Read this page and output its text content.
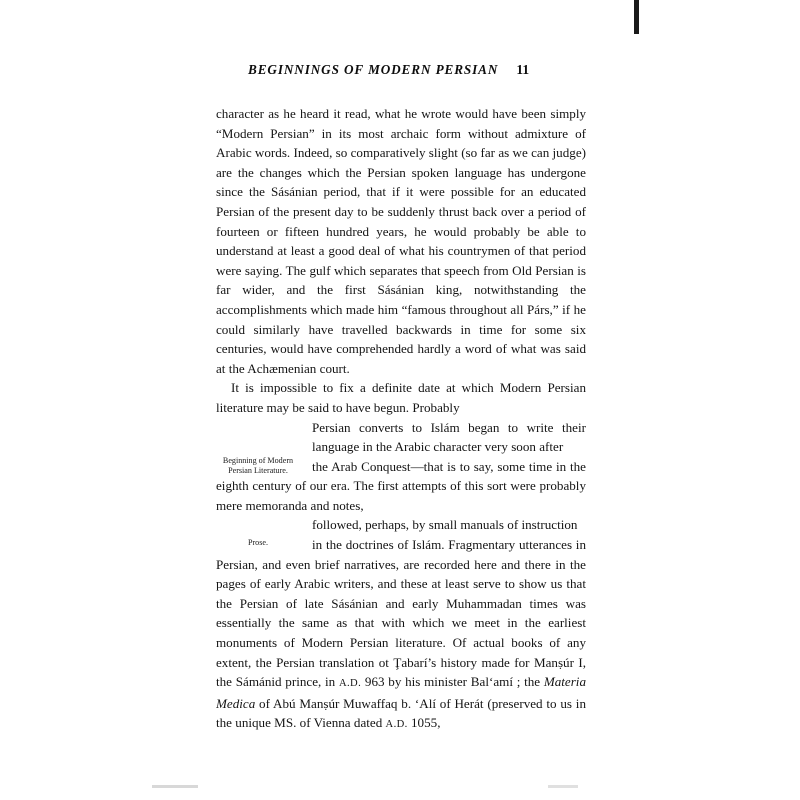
BEGINNINGS OF MODERN PERSIAN 11

character as he heard it read, what he wrote would have been simply “Modern Persian” in its most archaic form without admixture of Arabic words. Indeed, so comparatively slight (so far as we can judge) are the changes which the Persian spoken language has undergone since the Sásánian period, that if it were possible for an educated Persian of the present day to be suddenly thrust back over a period of fourteen or fifteen hundred years, he would probably be able to understand at least a good deal of what his countrymen of that period were saying. The gulf which separates that speech from Old Persian is far wider, and the first Sásánian king, notwithstanding the accomplishments which made him “famous throughout all Párs,” if he could similarly have travelled backwards in time for some six centuries, would have comprehended hardly a word of what was said at the Achæmenian court.

It is impossible to fix a definite date at which Modern Persian literature may be said to have begun. Probably

Beginning of Modern Persian Literature.

Persian converts to Islám began to write their language in the Arabic character very soon after

the Arab Conquest—that is to say, some time in the eighth century of our era. The first attempts of this sort were probably mere memoranda and notes,

Prose.

followed, perhaps, by small manuals of instruction

in the doctrines of Islám. Fragmentary utterances in Persian, and even brief narratives, are recorded here and there in the pages of early Arabic writers, and these at least serve to show us that the Persian of late Sásánian and early Muhammadan times was essentially the same as that with which we meet in the earliest monuments of Modern Persian literature. Of actual books of any extent, the Persian translation ot Ţabarí’s history made for Manṣúr I, the Sámánid prince, in A.D. 963 by his minister Bal‘amí ; the Materia Medica of Abú Manṣúr Muwaffaq b. ‘Alí of Herát (preserved to us in the unique MS. of Vienna dated A.D. 1055,
